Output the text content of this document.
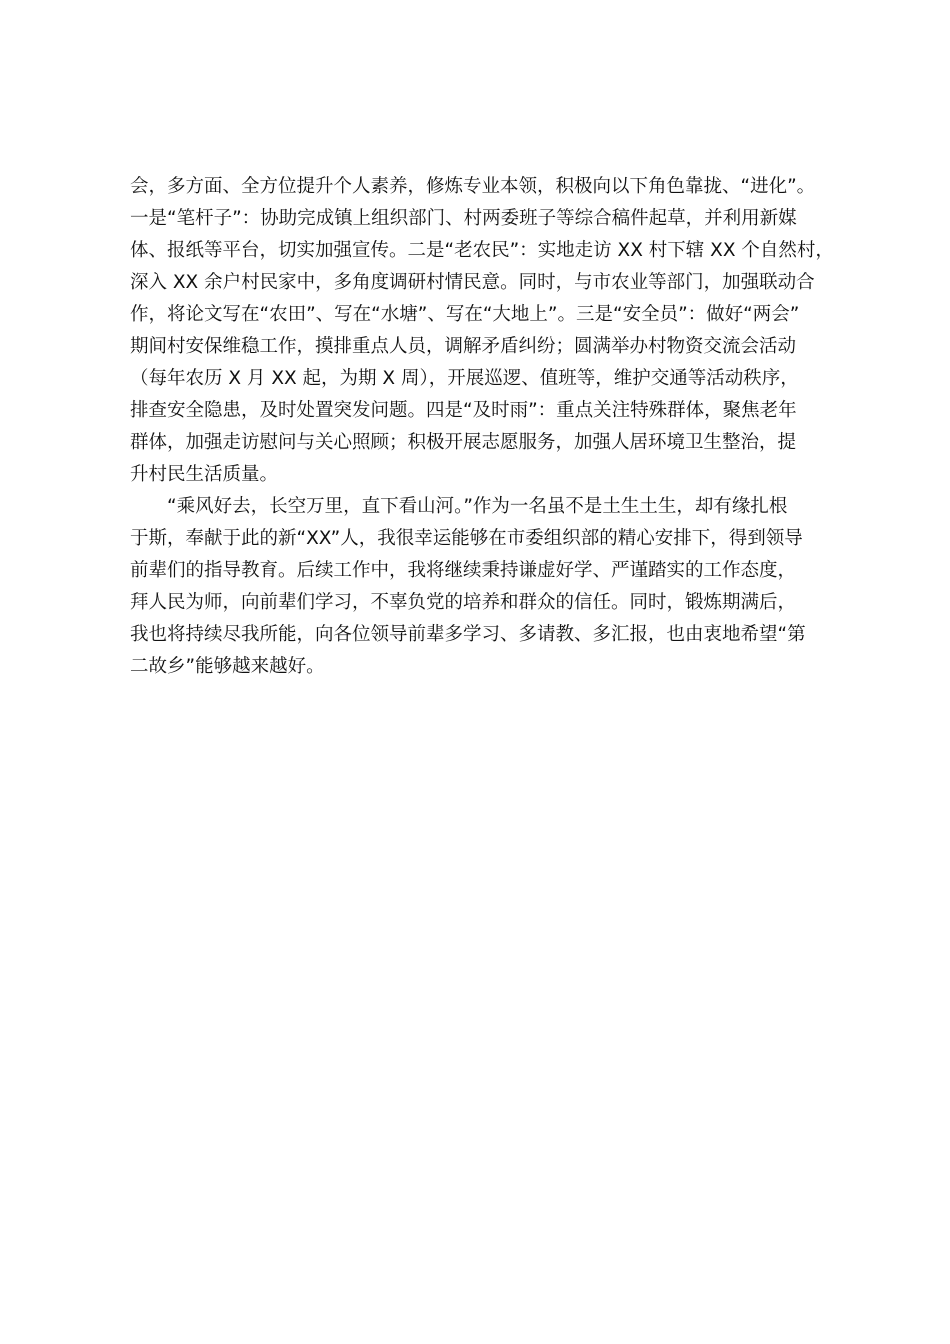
会，多方面、全方位提升个人素养，修炼专业本领，积极向以下角色靠拢、“进化”。
一是“笔杆子”：协助完成镇上组织部门、村两委班子等综合稿件起草，并利用新媒
体、报纸等平台，切实加强宣传。二是“老农民”：实地走访 XX 村下辖 XX 个自然村，
深入 XX 余户村民家中，多角度调研村情民意。同时，与市农业等部门，加强联动合
作，将论文写在“农田”、写在“水塘”、写在“大地上”。三是“安全员”：做好“两会”
期间村安保维稳工作，摸排重点人员，调解矛盾纠纷；圆满举办村物资交流会活动
（每年农历 X 月 XX 起，为期 X 周），开展巡逻、值班等，维护交通等活动秩序，
排查安全隐患，及时处置突发问题。四是“及时雨”：重点关注特殊群体，聚焦老年
群体，加强走访慰问与关心照顾；积极开展志愿服务，加强人居环境卫生整治，提
升村民生活质量。
“乘风好去，长空万里，直下看山河。”作为一名虽不是土生土生，却有缘扎根
于斯，奉献于此的新“XX”人，我很幸运能够在市委组织部的精心安排下，得到领导
前辈们的指导教育。后续工作中，我将继续秉持谦虚好学、严谨踏实的工作态度，
拜人民为师，向前辈们学习，不辜负党的培养和群众的信任。同时，锻炼期满后，
我也将持续尽我所能，向各位领导前辈多学习、多请教、多汇报，也由衷地希望“第
二故乡”能够越来越好。
